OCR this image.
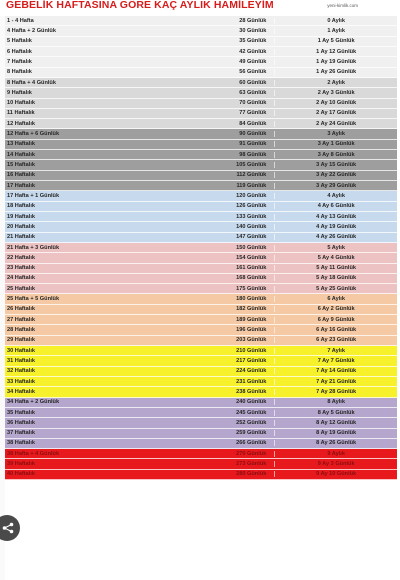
GEBELİK HAFTASINA GÖRE KAÇ AYLIK HAMİLEYİM	yeni-kimlik.com
1 - 4 Hafta	28 Günlük	0 Aylık
4 Hafta + 2 Günlük	30 Günlük	1 Aylık
5 Haftalık	35 Günlük	1 Ay 5 Günlük
6 Haftalık	42 Günlük	1 Ay 12 Günlük
7 Haftalık	49 Günlük	1 Ay 19 Günlük
8 Haftalık	56 Günlük	1 Ay 26 Günlük
8 Hafta + 4 Günlük	60 Günlük	2 Aylık
9 Haftalık	63 Günlük	2 Ay 3 Günlük
10 Haftalık	70 Günlük	2 Ay 10 Günlük
11 Haftalık	77 Günlük	2 Ay 17 Günlük
12 Haftalık	84 Günlük	2 Ay 24 Günlük
12 Hafta + 6 Günlük	90 Günlük	3 Aylık
13 Haftalık	91 Günlük	3 Ay 1 Günlük
14 Haftalık	98 Günlük	3 Ay 8 Günlük
15 Haftalık	105 Günlük	3 Ay 15 Günlük
16 Haftalık	112 Günlük	3 Ay 22 Günlük
17 Haftalık	119 Günlük	3 Ay 29 Günlük
17 Hafta + 1 Günlük	120 Günlük	4 Aylık
18 Haftalık	126 Günlük	4 Ay 6 Günlük
19 Haftalık	133 Günlük	4 Ay 13 Günlük
20 Haftalık	140 Günlük	4 Ay 19 Günlük
21 Haftalık	147 Günlük	4 Ay 26 Günlük
21 Hafta + 3 Günlük	150 Günlük	5 Aylık
22 Haftalık	154 Günlük	5 Ay 4 Günlük
23 Haftalık	161 Günlük	5 Ay 11 Günlük
24 Haftalık	168 Günlük	5 Ay 18 Günlük
25 Haftalık	175 Günlük	5 Ay 25 Günlük
25 Hafta + 5 Günlük	180 Günlük	6 Aylık
26 Haftalık	182 Günlük	6 Ay 2 Günlük
27 Haftalık	189 Günlük	6 Ay 9 Günlük
28 Haftalık	196 Günlük	6 Ay 16 Günlük
29 Haftalık	203 Günlük	6 Ay 23 Günlük
30 Haftalık	210 Günlük	7 Aylık
31 Haftalık	217 Günlük	7 Ay 7 Günlük
32 Haftalık	224 Günlük	7 Ay 14 Günlük
33 Haftalık	231 Günlük	7 Ay 21 Günlük
34 Haftalık	238 Günlük	7 Ay 28 Günlük
34 Hafta + 2 Günlük	240 Günlük	8 Aylık
35 Haftalık	245 Günlük	8 Ay 5 Günlük
36 Haftalık	252 Günlük	8 Ay 12 Günlük
37 Haftalık	259 Günlük	8 Ay 19 Günlük
38 Haftalık	266 Günlük	8 Ay 26 Günlük
38 Hafta + 4 Günlük	270 Günlük	9 Aylık
39 Haftalık	273 Günlük	9 Ay 3 Günlük
40 Haftalık	280 Günlük	9 Ay 10 Günlük
